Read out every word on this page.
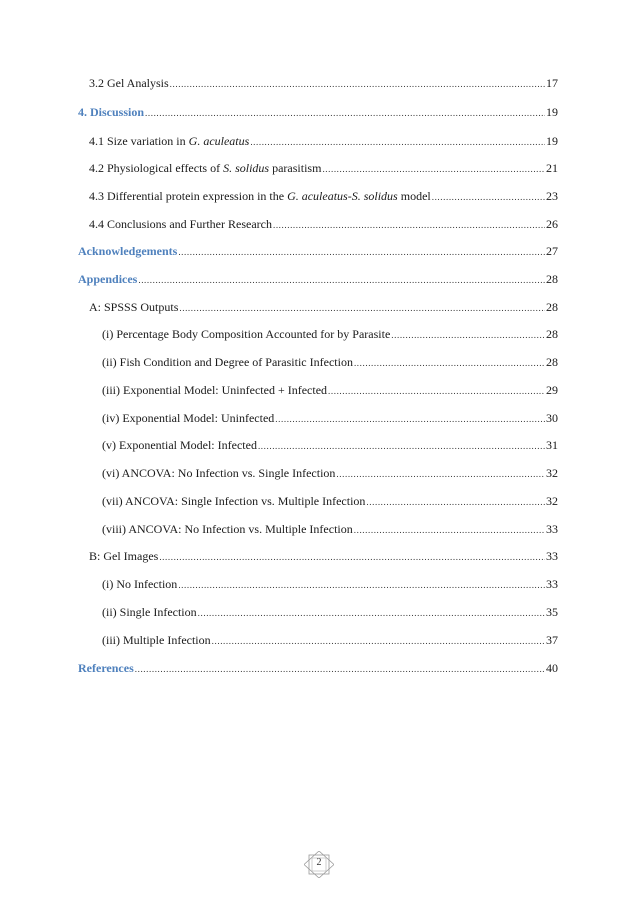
3.2 Gel Analysis .....	17
4. Discussion .....	19
4.1 Size variation in G. aculeatus .....	19
4.2 Physiological effects of S. solidus parasitism .....	21
4.3 Differential protein expression in the G. aculeatus-S. solidus model .....	23
4.4 Conclusions and Further Research .....	26
Acknowledgements .....	27
Appendices .....	28
A: SPSSS Outputs .....	28
(i) Percentage Body Composition Accounted for by Parasite .....	28
(ii) Fish Condition and Degree of Parasitic Infection .....	28
(iii) Exponential Model: Uninfected + Infected .....	29
(iv) Exponential Model: Uninfected .....	30
(v) Exponential Model: Infected .....	31
(vi) ANCOVA: No Infection vs. Single Infection .....	32
(vii) ANCOVA: Single Infection vs. Multiple Infection .....	32
(viii) ANCOVA: No Infection vs. Multiple Infection .....	33
B: Gel Images .....	33
(i) No Infection .....	33
(ii) Single Infection .....	35
(iii) Multiple Infection .....	37
References .....	40
2
